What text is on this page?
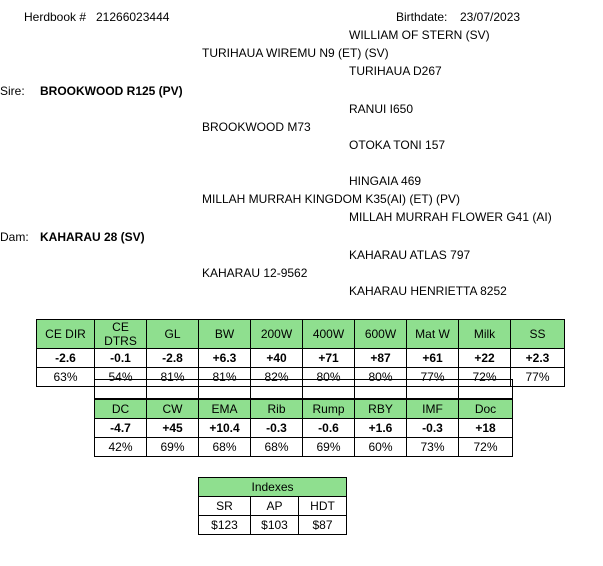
Herdbook # 21266023444	Birthdate: 23/07/2023
WILLIAM OF STERN (SV)
TURIHAUA D267
RANUI I650
OTOKA TONI 157
HINGAIA 469
MILLAH MURRAH FLOWER G41 (AI)
KAHARAU ATLAS 797
KAHARAU HENRIETTA 8252
TURIHAUA WIREMU N9 (ET) (SV)
BROOKWOOD M73
MILLAH MURRAH KINGDOM K35(AI) (ET) (PV)
KAHARAU 12-9562
Sire: BROOKWOOD R125 (PV)
Dam: KAHARAU 28 (SV)
CE DIR	CE DTRS	GL	BW	200W	400W	600W	Mat W	Milk	SS
-2.6	-0.1	-2.8	+6.3	+40	+71	+87	+61	+22	+2.3
63%	54%	81%	81%	82%	80%	80%	77%	72%	77%

DC	CW	EMA	Rib	Rump	RBY	IMF	Doc
-4.7	+45	+10.4	-0.3	-0.6	+1.6	-0.3	+18
42%	69%	68%	68%	69%	60%	73%	72%
Indexes		
SR	AP	HDT
$123	$103	$87
